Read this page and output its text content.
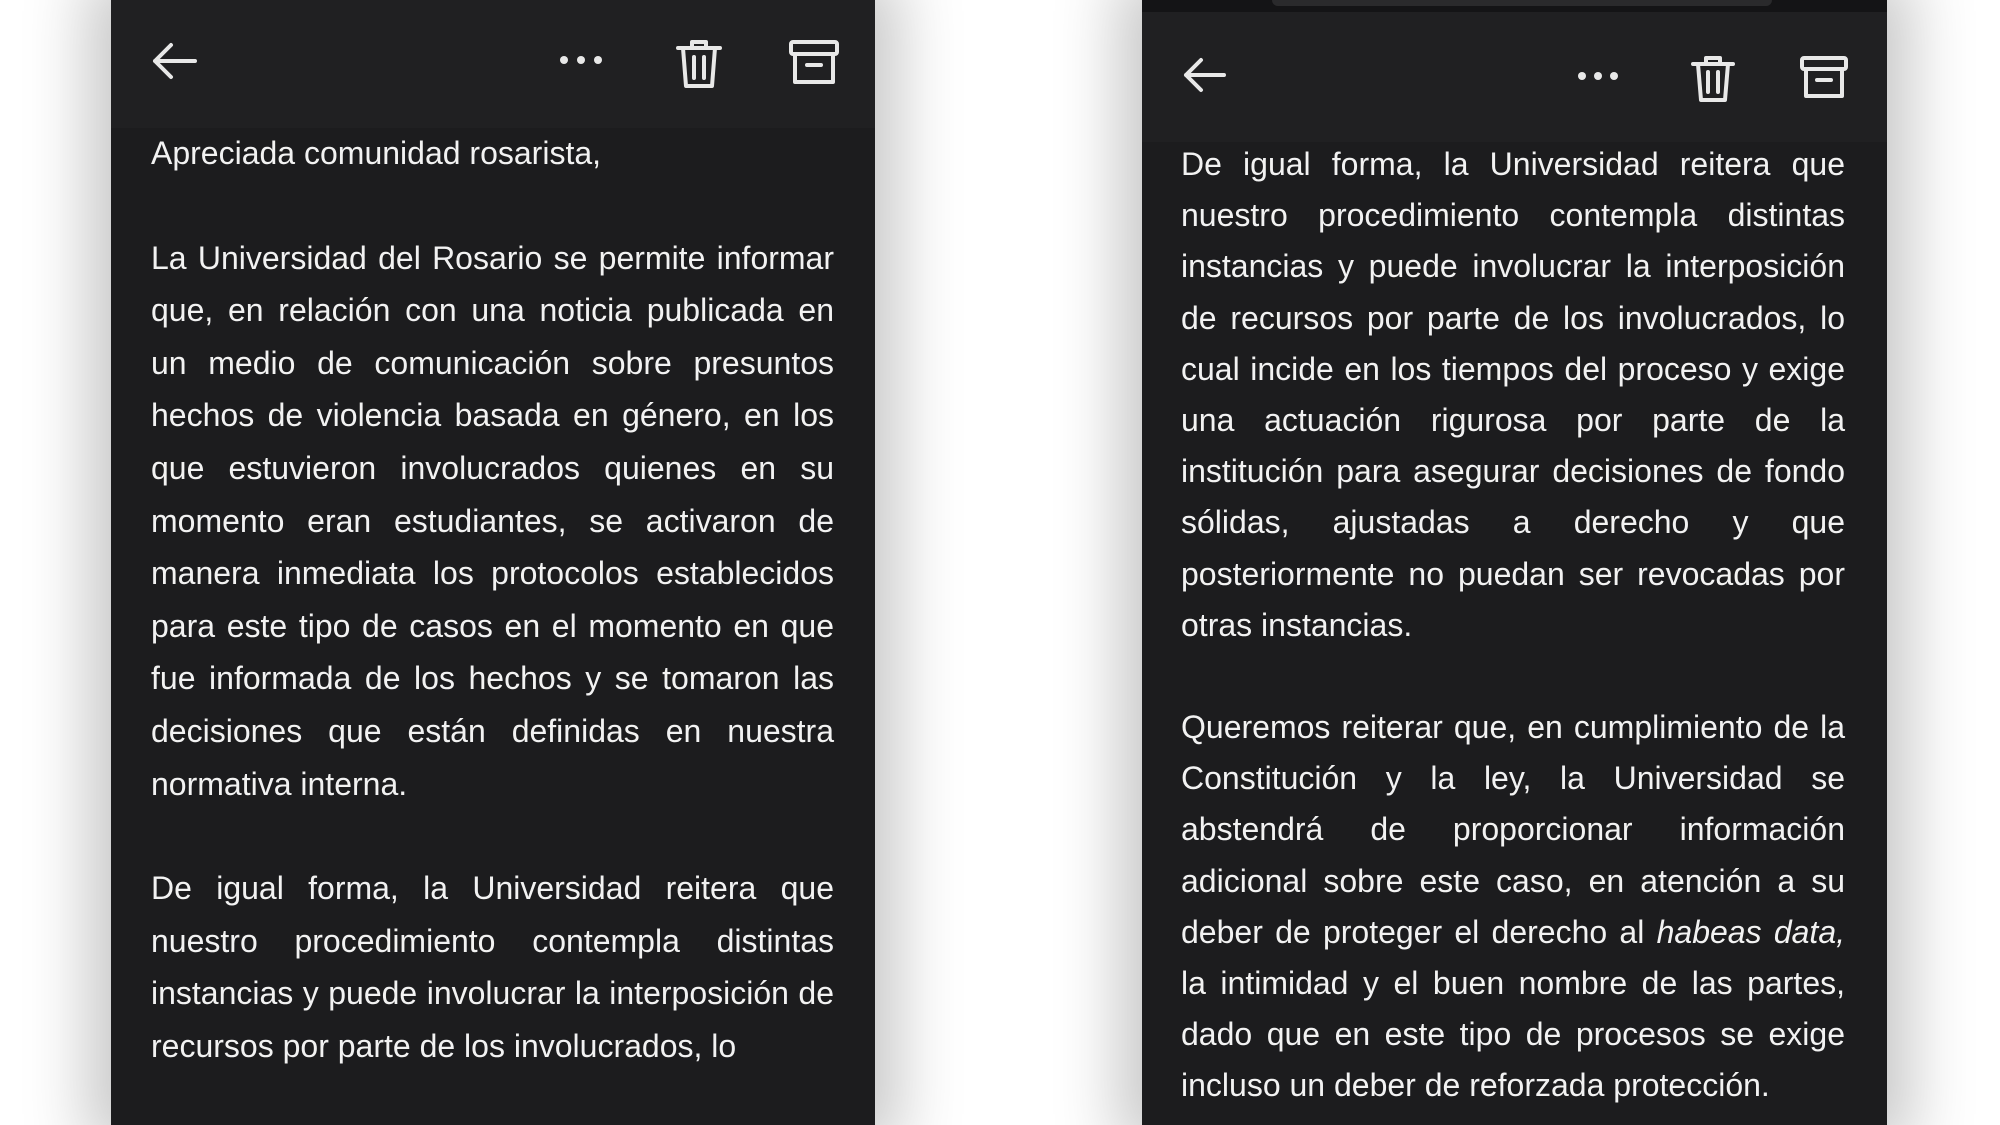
Apreciada comunidad rosarista,

La Universidad del Rosario se permite informar que, en relación con una noticia publicada en un medio de comunicación sobre presuntos hechos de violencia basada en género, en los que estuvieron involucrados quienes en su momento eran estudiantes, se activaron de manera inmediata los protocolos establecidos para este tipo de casos en el momento en que fue informada de los hechos y se tomaron las decisiones que están definidas en nuestra normativa interna.

De igual forma, la Universidad reitera que nuestro procedimiento contempla distintas instancias y puede involucrar la interposición de recursos por parte de los involucrados, lo

De igual forma, la Universidad reitera que nuestro procedimiento contempla distintas instancias y puede involucrar la interposición de recursos por parte de los involucrados, lo cual incide en los tiempos del proceso y exige una actuación rigurosa por parte de la institución para asegurar decisiones de fondo sólidas, ajustadas a derecho y que posteriormente no puedan ser revocadas por otras instancias.

Queremos reiterar que, en cumplimiento de la Constitución y la ley, la Universidad se abstendrá de proporcionar información adicional sobre este caso, en atención a su deber de proteger el derecho al habeas data, la intimidad y el buen nombre de las partes, dado que en este tipo de procesos se exige incluso un deber de reforzada protección.
